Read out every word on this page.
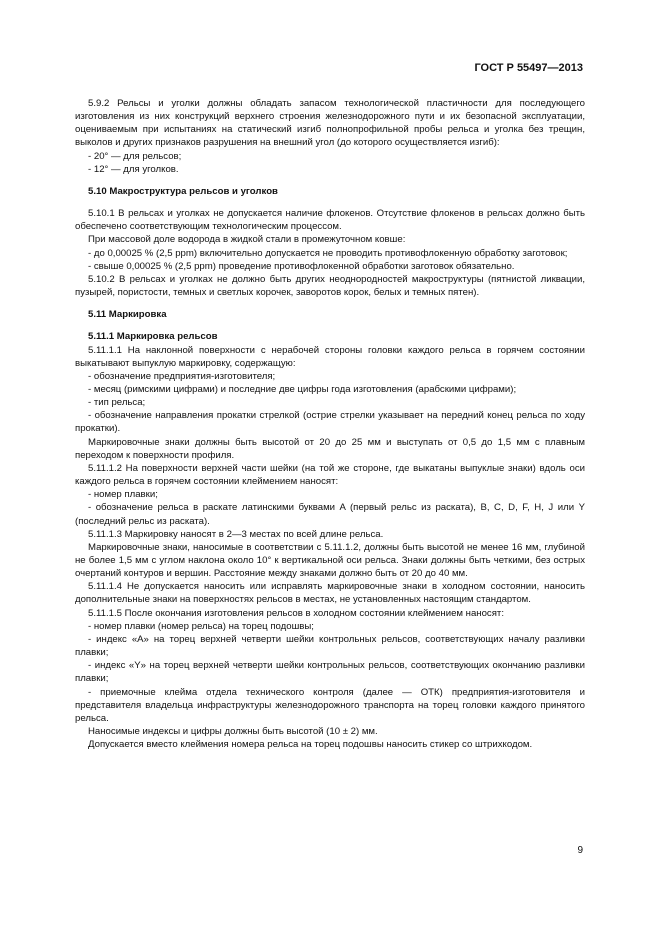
ГОСТ Р 55497—2013

5.9.2 Рельсы и уголки должны обладать запасом технологической пластичности для последующего изготовления из них конструкций верхнего строения железнодорожного пути и их безопасной эксплуатации, оцениваемым при испытаниях на статический изгиб полнопрофильной пробы рельса и уголка без трещин, выколов и других признаков разрушения на внешний угол (до которого осуществляется изгиб):

- 20° — для рельсов;

- 12° — для уголков.

5.10 Макроструктура рельсов и уголков

5.10.1 В рельсах и уголках не допускается наличие флокенов. Отсутствие флокенов в рельсах должно быть обеспечено соответствующим технологическим процессом.

При массовой доле водорода в жидкой стали в промежуточном ковше:

- до 0,00025 % (2,5 ppm) включительно допускается не проводить противофлокенную обработку заготовок;

- свыше 0,00025 % (2,5 ppm) проведение противофлокенной обработки заготовок обязательно.

5.10.2 В рельсах и уголках не должно быть других неоднородностей макроструктуры (пятнистой ликвации, пузырей, пористости, темных и светлых корочек, заворотов корок, белых и темных пятен).

5.11 Маркировка

5.11.1 Маркировка рельсов

5.11.1.1 На наклонной поверхности с нерабочей стороны головки каждого рельса в горячем состоянии выкатывают выпуклую маркировку, содержащую:

- обозначение предприятия-изготовителя;

- месяц (римскими цифрами) и последние две цифры года изготовления (арабскими цифрами);

- тип рельса;

- обозначение направления прокатки стрелкой (острие стрелки указывает на передний конец рельса по ходу прокатки).

Маркировочные знаки должны быть высотой от 20 до 25 мм и выступать от 0,5 до 1,5 мм с плавным переходом к поверхности профиля.

5.11.1.2 На поверхности верхней части шейки (на той же стороне, где выкатаны выпуклые знаки) вдоль оси каждого рельса в горячем состоянии клеймением наносят:

- номер плавки;

- обозначение рельса в раскате латинскими буквами A (первый рельс из раската), B, C, D, F, H, J или Y (последний рельс из раската).

5.11.1.3 Маркировку наносят в 2—3 местах по всей длине рельса.

Маркировочные знаки, наносимые в соответствии с 5.11.1.2, должны быть высотой не менее 16 мм, глубиной не более 1,5 мм с углом наклона около 10° к вертикальной оси рельса. Знаки должны быть четкими, без острых очертаний контуров и вершин. Расстояние между знаками должно быть от 20 до 40 мм.

5.11.1.4 Не допускается наносить или исправлять маркировочные знаки в холодном состоянии, наносить дополнительные знаки на поверхностях рельсов в местах, не установленных настоящим стандартом.

5.11.1.5 После окончания изготовления рельсов в холодном состоянии клеймением наносят:

- номер плавки (номер рельса) на торец подошвы;

- индекс «A» на торец верхней четверти шейки контрольных рельсов, соответствующих началу разливки плавки;

- индекс «Y» на торец верхней четверти шейки контрольных рельсов, соответствующих окончанию разливки плавки;

- приемочные клейма отдела технического контроля (далее — ОТК) предприятия-изготовителя и представителя владельца инфраструктуры железнодорожного транспорта на торец головки каждого принятого рельса.

Наносимые индексы и цифры должны быть высотой (10 ± 2) мм.

Допускается вместо клеймения номера рельса на торец подошвы наносить стикер со штрихкодом.

9
